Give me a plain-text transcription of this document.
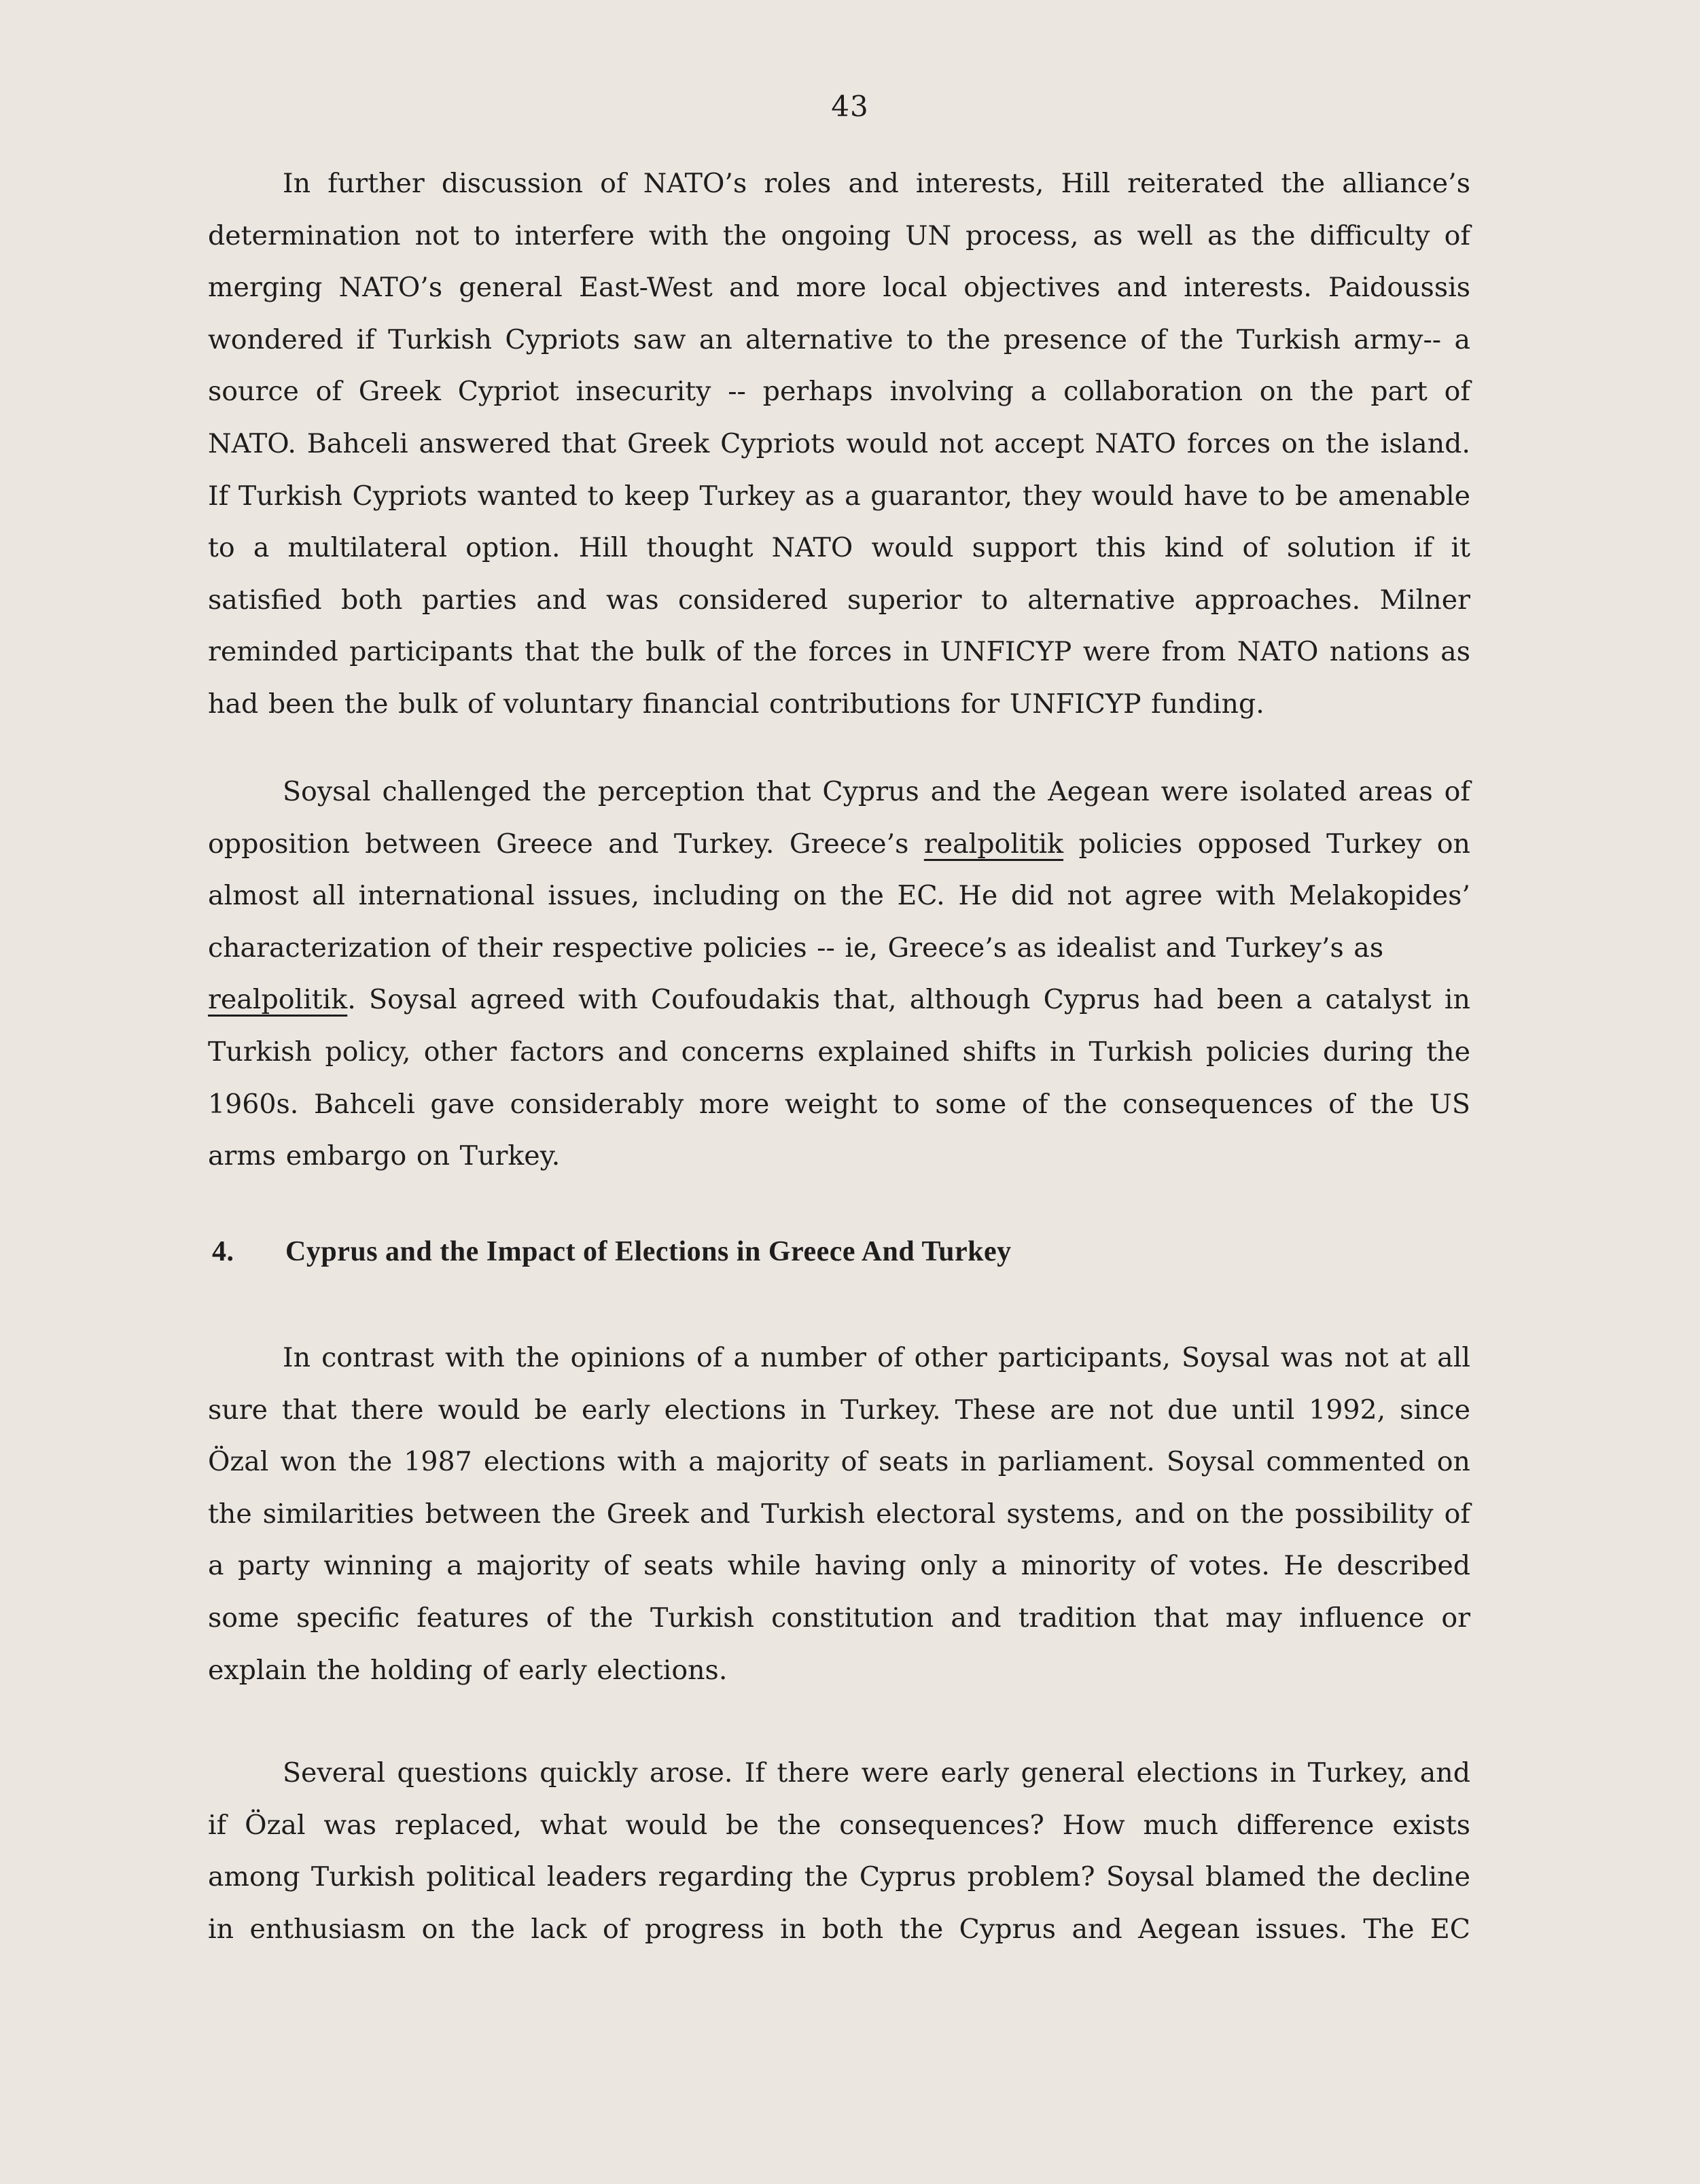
43

In further discussion of NATO’s roles and interests, Hill reiterated the alliance’s determination not to interfere with the ongoing UN process, as well as the difficulty of merging NATO’s general East-West and more local objectives and interests. Paidoussis wondered if Turkish Cypriots saw an alternative to the presence of the Turkish army-- a source of Greek Cypriot insecurity -- perhaps involving a collaboration on the part of NATO. Bahceli answered that Greek Cypriots would not accept NATO forces on the island. If Turkish Cypriots wanted to keep Turkey as a guarantor, they would have to be amenable to a multilateral option. Hill thought NATO would support this kind of solution if it satisfied both parties and was considered superior to alternative approaches. Milner reminded participants that the bulk of the forces in UNFICYP were from NATO nations as had been the bulk of voluntary financial contributions for UNFICYP funding.

Soysal challenged the perception that Cyprus and the Aegean were isolated areas of opposition between Greece and Turkey. Greece’s realpolitik policies opposed Turkey on almost all international issues, including on the EC. He did not agree with Melakopides’ characterization of their respective policies -- ie, Greece’s as idealist and Turkey’s as
realpolitik. Soysal agreed with Coufoudakis that, although Cyprus had been a catalyst in Turkish policy, other factors and concerns explained shifts in Turkish policies during the 1960s. Bahceli gave considerably more weight to some of the consequences of the US arms embargo on Turkey.

4. Cyprus and the Impact of Elections in Greece And Turkey

In contrast with the opinions of a number of other participants, Soysal was not at all sure that there would be early elections in Turkey. These are not due until 1992, since Özal won the 1987 elections with a majority of seats in parliament. Soysal commented on the similarities between the Greek and Turkish electoral systems, and on the possibility of a party winning a majority of seats while having only a minority of votes. He described some specific features of the Turkish constitution and tradition that may influence or explain the holding of early elections.

Several questions quickly arose. If there were early general elections in Turkey, and if Özal was replaced, what would be the consequences? How much difference exists among Turkish political leaders regarding the Cyprus problem? Soysal blamed the decline in enthusiasm on the lack of progress in both the Cyprus and Aegean issues. The EC
